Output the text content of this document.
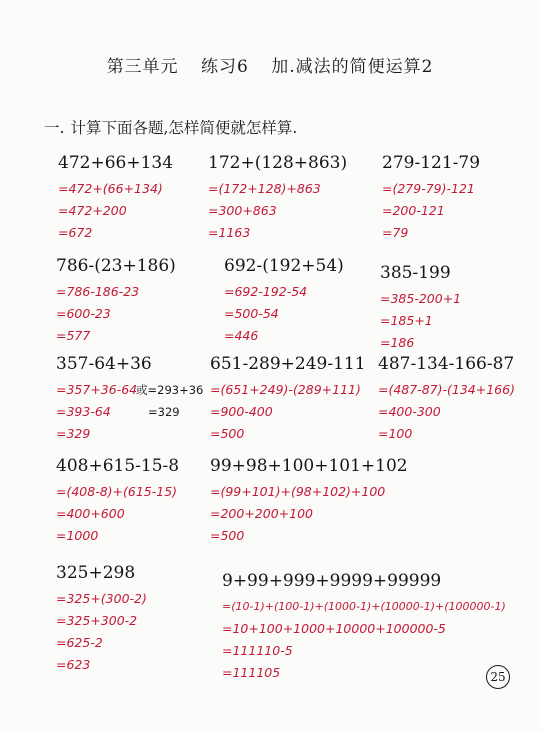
第三单元 练习6 加.减法的简便运算2
一. 计算下面各题,怎样简便就怎样算.
472+66+134
=472+(66+134)
=472+200
=672
172+(128+863)
=(172+128)+863
=300+863
=1163
279-121-79
=(279-79)-121
=200-121
=79
786-(23+186)
=786-186-23
=600-23
=577
692-(192+54)
=692-192-54
=500-54
=446
385-199
=385-200+1
=185+1
=186
357-64+36
=357+36-64
=393-64
=329
或=293+36
=329
651-289+249-111
=(651+249)-(289+111)
=900-400
=500
487-134-166-87
=(487-87)-(134+166)
=400-300
=100
408+615-15-8
=(408-8)+(615-15)
=400+600
=1000
99+98+100+101+102
=(99+101)+(98+102)+100
=200+200+100
=500
325+298
=325+(300-2)
=325+300-2
=625-2
=623
9+99+999+9999+99999
=(10-1)+(100-1)+(1000-1)+(10000-1)+(100000-1)
=10+100+1000+10000+100000-5
=111110-5
=111105	25
